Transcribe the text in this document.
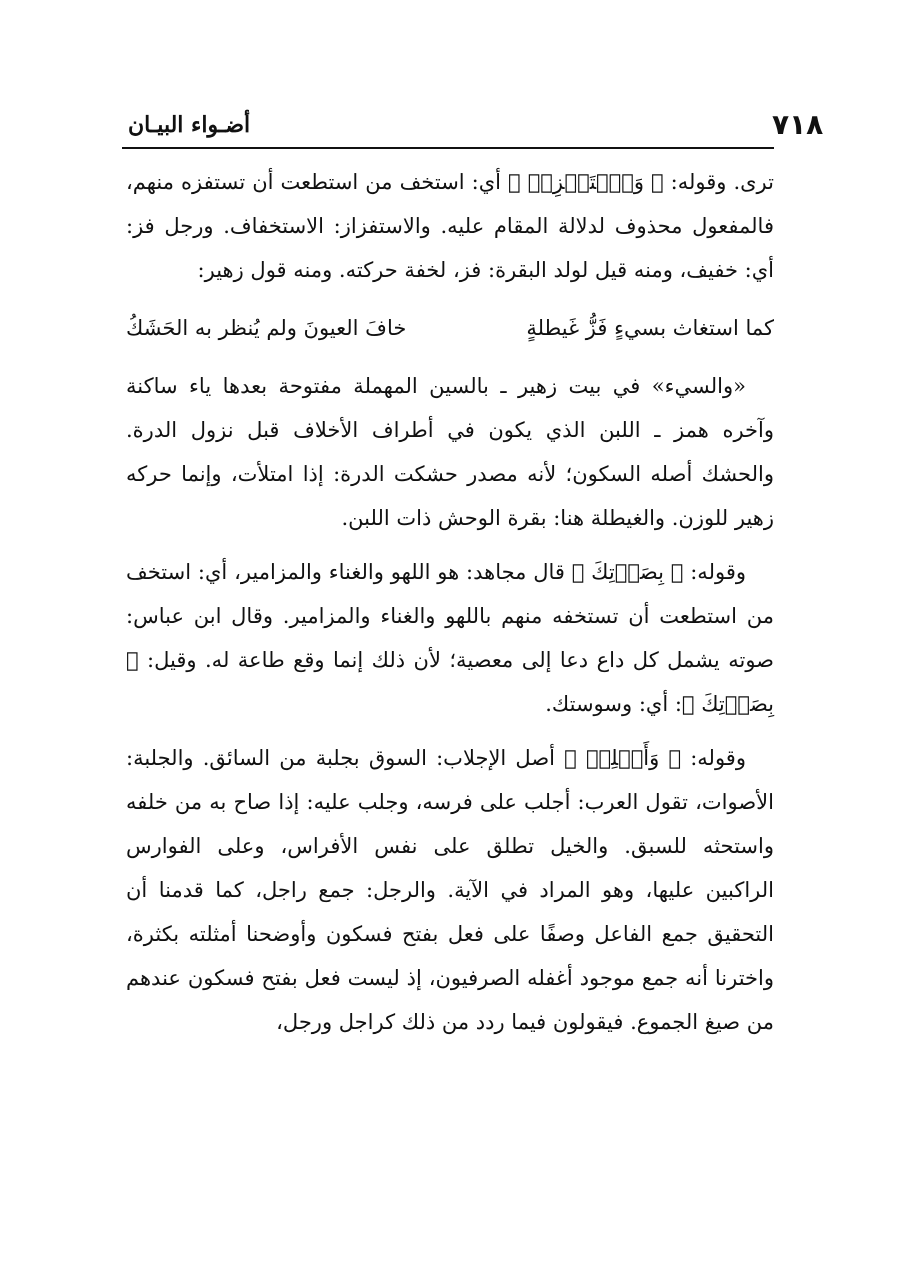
٧١٨
أضـواء البيـان

ترى. وقوله: ﴿ وَٱسۡتَفۡزِزۡ ﴾ أي: استخف من استطعت أن تستفزه منهم، فالمفعول محذوف لدلالة المقام عليه. والاستفزاز: الاستخفاف. ورجل فز: أي: خفيف، ومنه قيل لولد البقرة: فز، لخفة حركته. ومنه قول زهير:

كما استغاث بسيءٍ فَزُّ غَيطلةٍ
خافَ العيونَ ولم يُنظر به الحَشَكُ

«والسيء» في بيت زهير ـ بالسين المهملة مفتوحة بعدها ياء ساكنة وآخره همز ـ اللبن الذي يكون في أطراف الأخلاف قبل نزول الدرة. والحشك أصله السكون؛ لأنه مصدر حشكت الدرة: إذا امتلأت، وإنما حركه زهير للوزن. والغيطلة هنا: بقرة الوحش ذات اللبن.

وقوله: ﴿ بِصَوۡتِكَ ﴾ قال مجاهد: هو اللهو والغناء والمزامير، أي: استخف من استطعت أن تستخفه منهم باللهو والغناء والمزامير. وقال ابن عباس: صوته يشمل كل داع دعا إلى معصية؛ لأن ذلك إنما وقع طاعة له. وقيل: ﴿ بِصَوۡتِكَ ﴾: أي: وسوستك.

وقوله: ﴿ وَأَجۡلِبۡ ﴾ أصل الإجلاب: السوق بجلبة من السائق. والجلبة: الأصوات، تقول العرب: أجلب على فرسه، وجلب عليه: إذا صاح به من خلفه واستحثه للسبق. والخيل تطلق على نفس الأفراس، وعلى الفوارس الراكبين عليها، وهو المراد في الآية. والرجل: جمع راجل، كما قدمنا أن التحقيق جمع الفاعل وصفًا على فعل بفتح فسكون وأوضحنا أمثلته بكثرة، واخترنا أنه جمع موجود أغفله الصرفيون، إذ ليست فعل بفتح فسكون عندهم من صيغ الجموع. فيقولون فيما ردد من ذلك كراجل ورجل،
